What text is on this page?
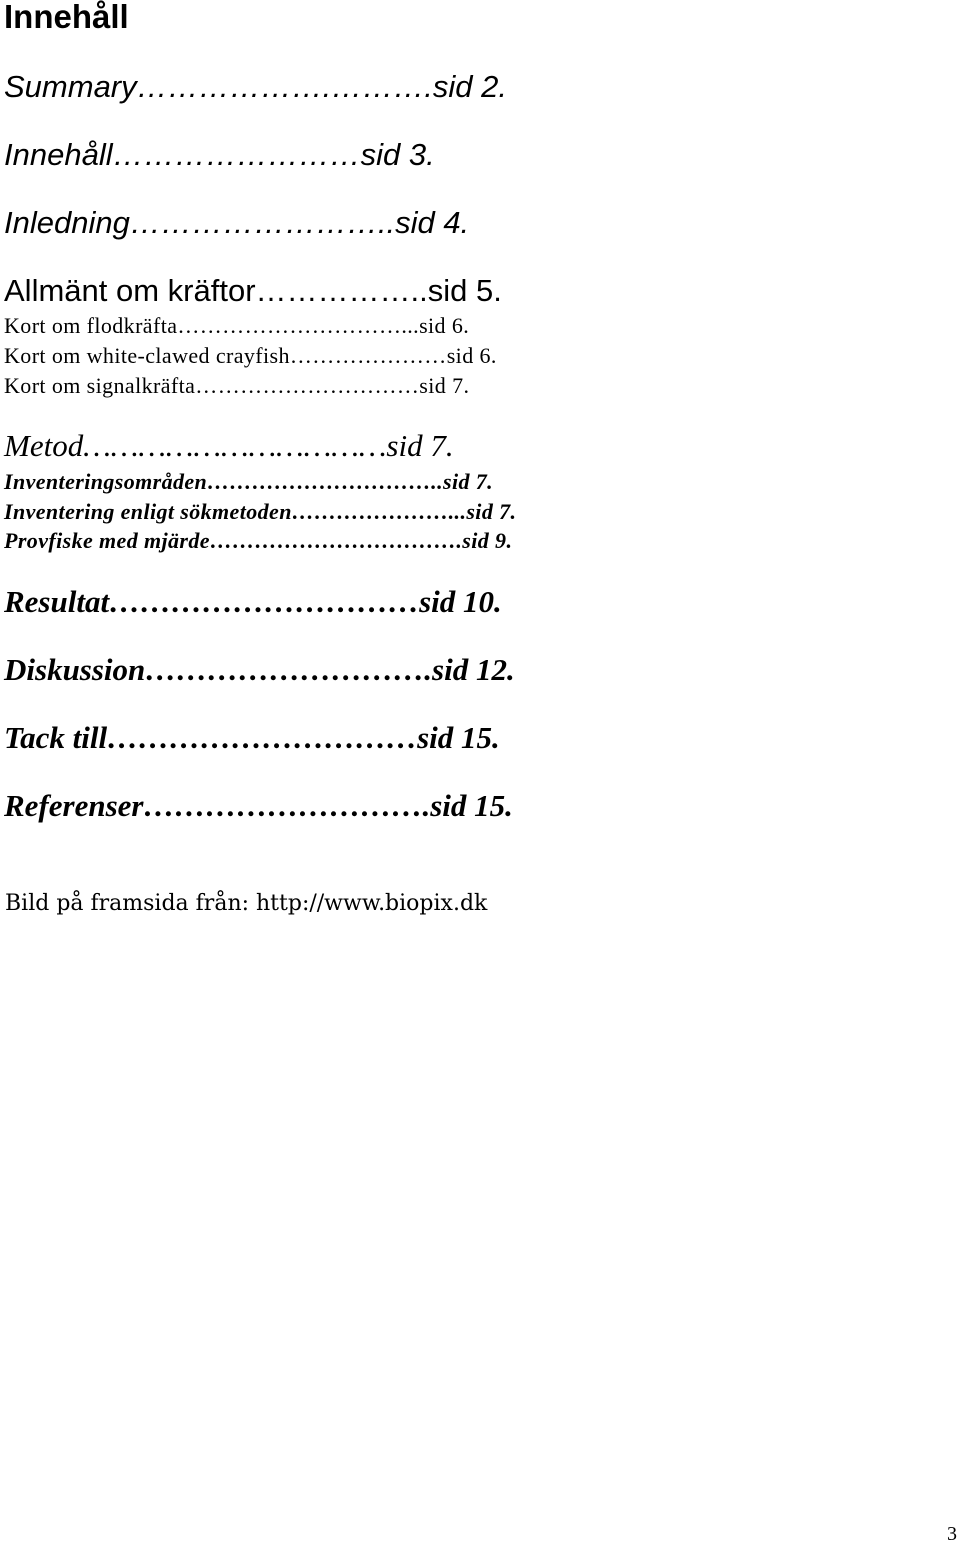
Innehåll
Summary ……………….………. sid 2.
Innehåll …………………… sid 3.
Inledning …………………….. sid 4.
Allmänt om kräftor …………….. sid 5.
Kort om flodkräfta …………………………... sid 6.
Kort om white-clawed crayfish ………………… sid 6.
Kort om signalkräfta ………………………… sid 7.
Metod …………………………… sid 7.
Inventeringsområden ………………………….. sid 7.
Inventering enligt sökmetoden …………………... sid 7.
Provfiske med mjärde ……………………………. sid 9.
Resultat ………………………… sid 10.
Diskussion ………………………. sid 12.
Tack till ………………………… sid 15.
Referenser ………………………. sid 15.
Bild på framsida från: http://www.biopix.dk
3
